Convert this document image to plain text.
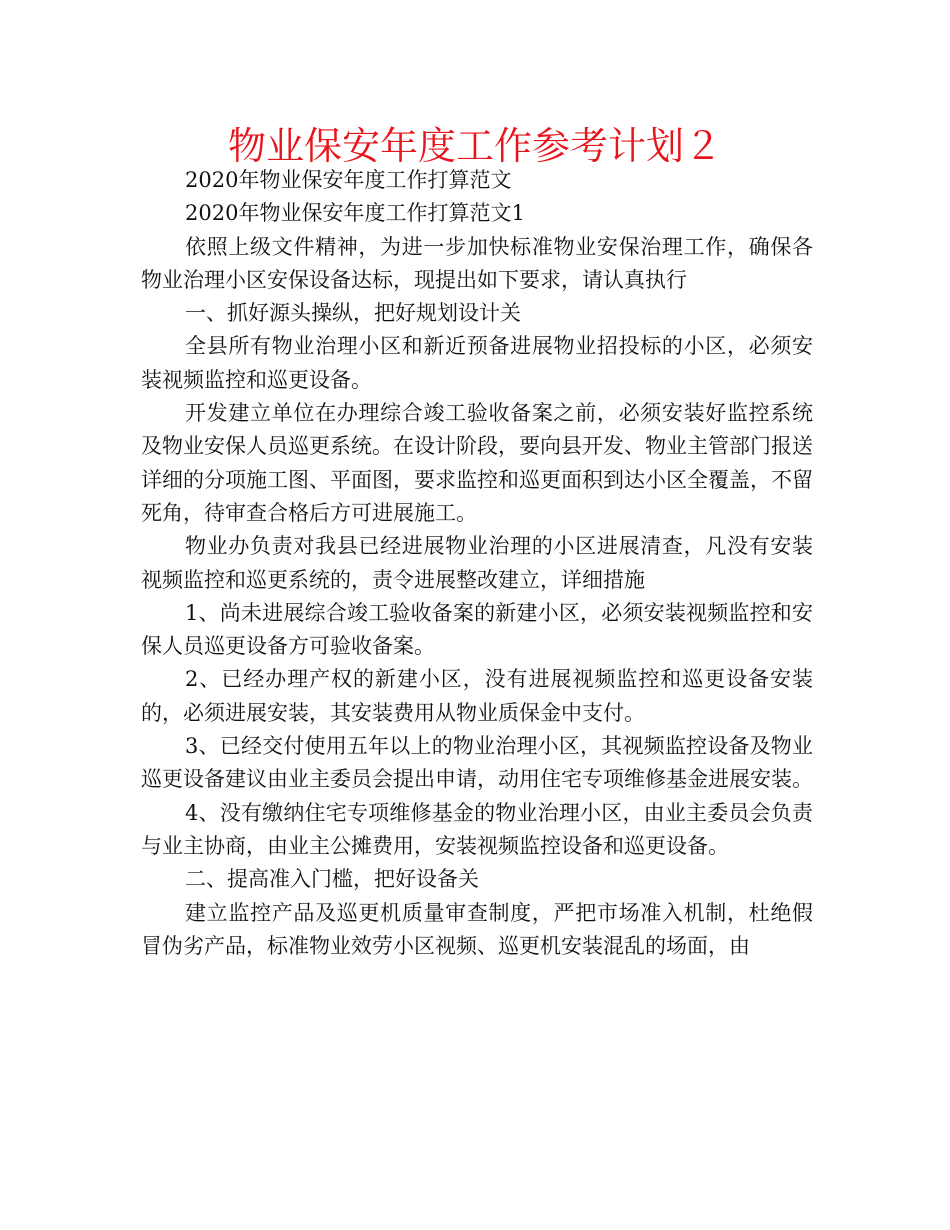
物业保安年度工作参考计划２

2020年物业保安年度工作打算范文

2020年物业保安年度工作打算范文1

依照上级文件精神，为进一步加快标准物业安保治理工作，确保各物业治理小区安保设备达标，现提出如下要求，请认真执行

一、抓好源头操纵，把好规划设计关

全县所有物业治理小区和新近预备进展物业招投标的小区，必须安装视频监控和巡更设备。

开发建立单位在办理综合竣工验收备案之前，必须安装好监控系统及物业安保人员巡更系统。在设计阶段，要向县开发、物业主管部门报送详细的分项施工图、平面图，要求监控和巡更面积到达小区全覆盖，不留死角，待审查合格后方可进展施工。

物业办负责对我县已经进展物业治理的小区进展清查，凡没有安装视频监控和巡更系统的，责令进展整改建立，详细措施

1、尚未进展综合竣工验收备案的新建小区，必须安装视频监控和安保人员巡更设备方可验收备案。

2、已经办理产权的新建小区，没有进展视频监控和巡更设备安装的，必须进展安装，其安装费用从物业质保金中支付。

3、已经交付使用五年以上的物业治理小区，其视频监控设备及物业巡更设备建议由业主委员会提出申请，动用住宅专项维修基金进展安装。

4、没有缴纳住宅专项维修基金的物业治理小区，由业主委员会负责与业主协商，由业主公摊费用，安装视频监控设备和巡更设备。

二、提高准入门槛，把好设备关

建立监控产品及巡更机质量审查制度，严把市场准入机制，杜绝假冒伪劣产品，标准物业效劳小区视频、巡更机安装混乱的场面，由
